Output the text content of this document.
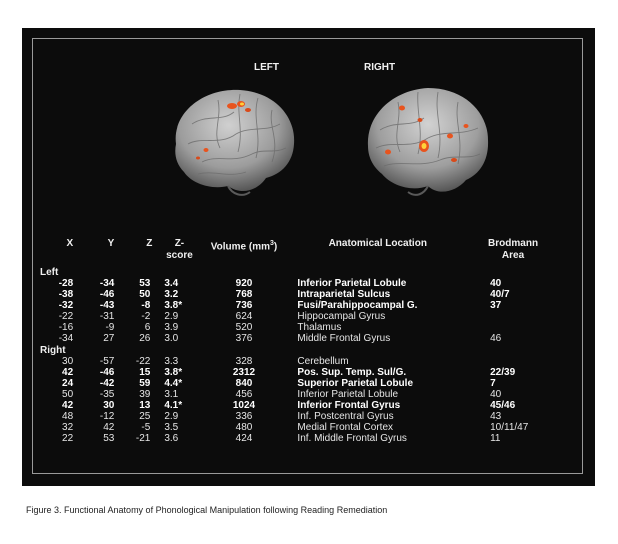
LEFT	RIGHT
X	Y	Z	Z-
score	Volume $(mm^3)$	Anatomical Location	Brodmann
Area
Left						
-28	-34	53	3.4	920	Inferior Parietal Lobule	40
-38	-46	50	3.2	768	Intraparietal Sulcus	40/7
-32	-43	-8	3.8*	736	Fusi/Parahippocampal G.	37
-22	-31	-2	2.9	624	Hippocampal Gyrus	
-16	-9	6	3.9	520	Thalamus	
-34	27	26	3.0	376	Middle Frontal Gyrus	46
Right						
30	-57	-22	3.3	328	Cerebellum	
42	-46	15	3.8*	2312	Pos. Sup. Temp. Sul/G.	22/39
24	-42	59	4.4*	840	Superior Parietal Lobule	7
50	-35	39	3.1	456	Inferior Parietal Lobule	40
42	30	13	4.1*	1024	Inferior Frontal Gyrus	45/46
48	-12	25	2.9	336	Inf. Postcentral Gyrus	43
32	42	-5	3.5	480	Medial Frontal Cortex	10/11/47
22	53	-21	3.6	424	Inf. Middle Frontal Gyrus	11
Figure 3. Functional Anatomy of Phonological Manipulation following Reading Remediation
